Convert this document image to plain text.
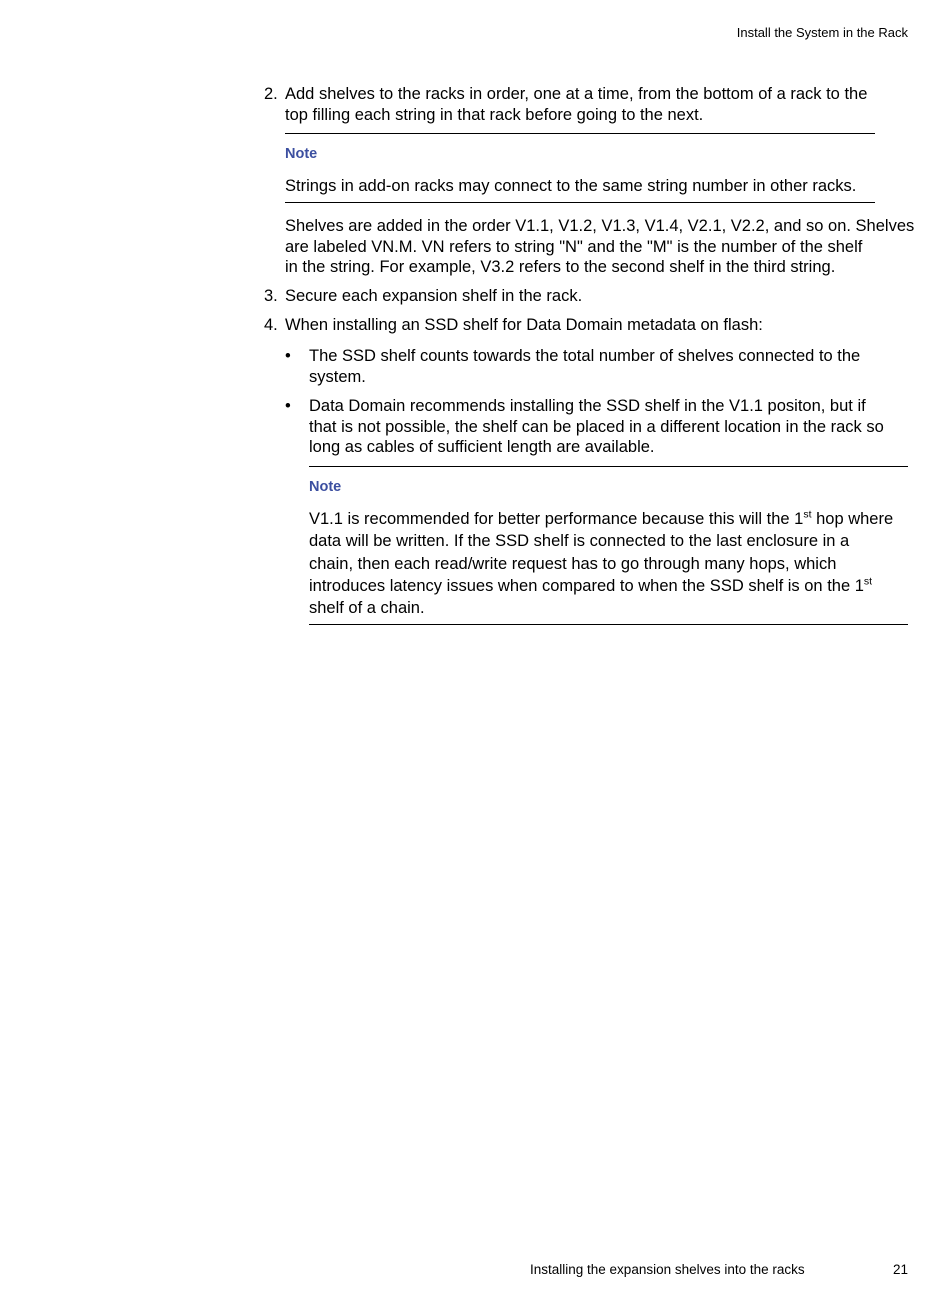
Install the System in the Rack
2. Add shelves to the racks in order, one at a time, from the bottom of a rack to the
top filling each string in that rack before going to the next.
Note
Strings in add-on racks may connect to the same string number in other racks.
Shelves are added in the order V1.1, V1.2, V1.3, V1.4, V2.1, V2.2, and so on. Shelves
are labeled VN.M. VN refers to string "N" and the "M" is the number of the shelf
in the string. For example, V3.2 refers to the second shelf in the third string.
3. Secure each expansion shelf in the rack.
4. When installing an SSD shelf for Data Domain metadata on flash:
• The SSD shelf counts towards the total number of shelves connected to the
system.
• Data Domain recommends installing the SSD shelf in the V1.1 positon, but if
that is not possible, the shelf can be placed in a different location in the rack so
long as cables of sufficient length are available.
Note
V1.1 is recommended for better performance because this will the 1st hop where
data will be written. If the SSD shelf is connected to the last enclosure in a
chain, then each read/write request has to go through many hops, which
introduces latency issues when compared to when the SSD shelf is on the 1st
shelf of a chain.
Installing the expansion shelves into the racks	21
